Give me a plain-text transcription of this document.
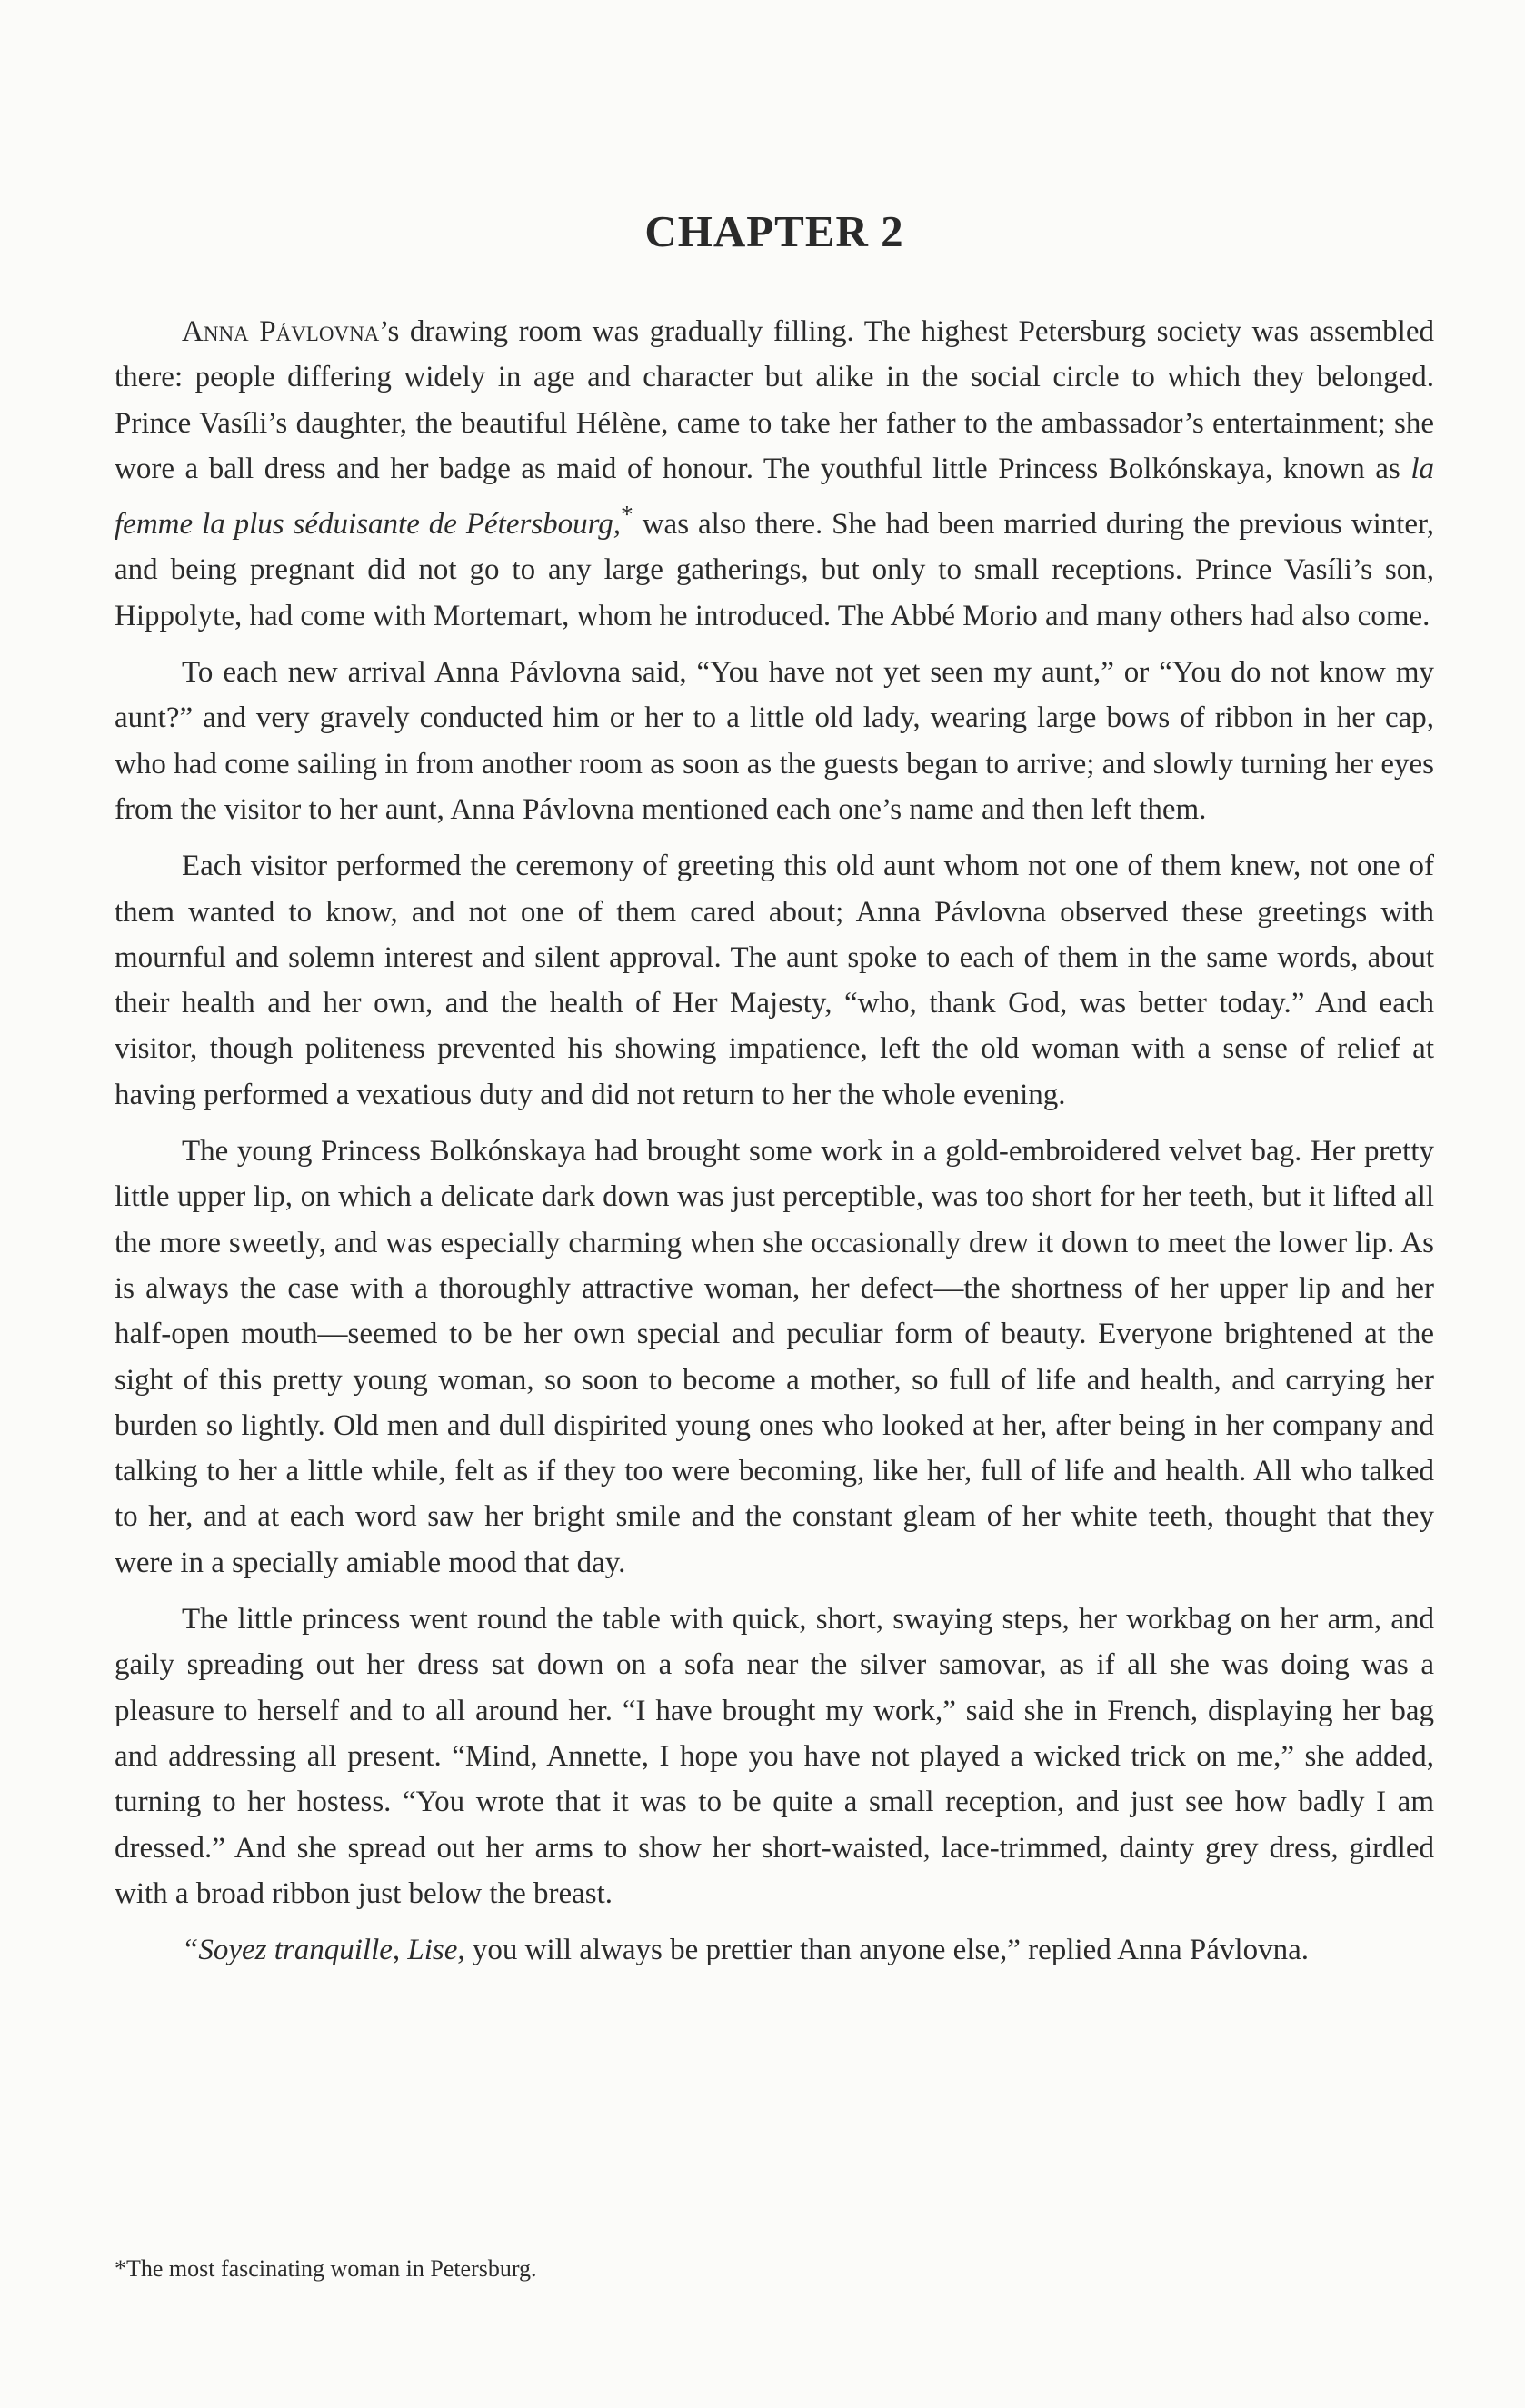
CHAPTER 2

Anna Pávlovna’s drawing room was gradually filling. The highest Petersburg society was assembled there: people differing widely in age and character but alike in the social circle to which they belonged. Prince Vasíli’s daughter, the beautiful Hélène, came to take her father to the ambassador’s entertainment; she wore a ball dress and her badge as maid of honour. The youthful little Princess Bolkónskaya, known as la femme la plus séduisante de Pétersbourg,* was also there. She had been married during the previous winter, and being pregnant did not go to any large gatherings, but only to small receptions. Prince Vasíli’s son, Hippolyte, had come with Mortemart, whom he introduced. The Abbé Morio and many others had also come.

To each new arrival Anna Pávlovna said, “You have not yet seen my aunt,” or “You do not know my aunt?” and very gravely conducted him or her to a little old lady, wearing large bows of ribbon in her cap, who had come sailing in from another room as soon as the guests began to arrive; and slowly turning her eyes from the visitor to her aunt, Anna Pávlovna mentioned each one’s name and then left them.

Each visitor performed the ceremony of greeting this old aunt whom not one of them knew, not one of them wanted to know, and not one of them cared about; Anna Pávlovna observed these greetings with mournful and solemn interest and silent approval. The aunt spoke to each of them in the same words, about their health and her own, and the health of Her Majesty, “who, thank God, was better today.” And each visitor, though politeness prevented his showing impatience, left the old woman with a sense of relief at having performed a vexatious duty and did not return to her the whole evening.

The young Princess Bolkónskaya had brought some work in a gold-embroidered velvet bag. Her pretty little upper lip, on which a delicate dark down was just perceptible, was too short for her teeth, but it lifted all the more sweetly, and was especially charming when she occasionally drew it down to meet the lower lip. As is always the case with a thoroughly attractive woman, her defect—the shortness of her upper lip and her half-open mouth—seemed to be her own special and peculiar form of beauty. Everyone brightened at the sight of this pretty young woman, so soon to become a mother, so full of life and health, and carrying her burden so lightly. Old men and dull dispirited young ones who looked at her, after being in her company and talking to her a little while, felt as if they too were becoming, like her, full of life and health. All who talked to her, and at each word saw her bright smile and the constant gleam of her white teeth, thought that they were in a specially amiable mood that day.

The little princess went round the table with quick, short, swaying steps, her workbag on her arm, and gaily spreading out her dress sat down on a sofa near the silver samovar, as if all she was doing was a pleasure to herself and to all around her. “I have brought my work,” said she in French, displaying her bag and addressing all present. “Mind, Annette, I hope you have not played a wicked trick on me,” she added, turning to her hostess. “You wrote that it was to be quite a small reception, and just see how badly I am dressed.” And she spread out her arms to show her short-waisted, lace-trimmed, dainty grey dress, girdled with a broad ribbon just below the breast.

“Soyez tranquille, Lise, you will always be prettier than anyone else,” replied Anna Pávlovna.

*The most fascinating woman in Petersburg.
